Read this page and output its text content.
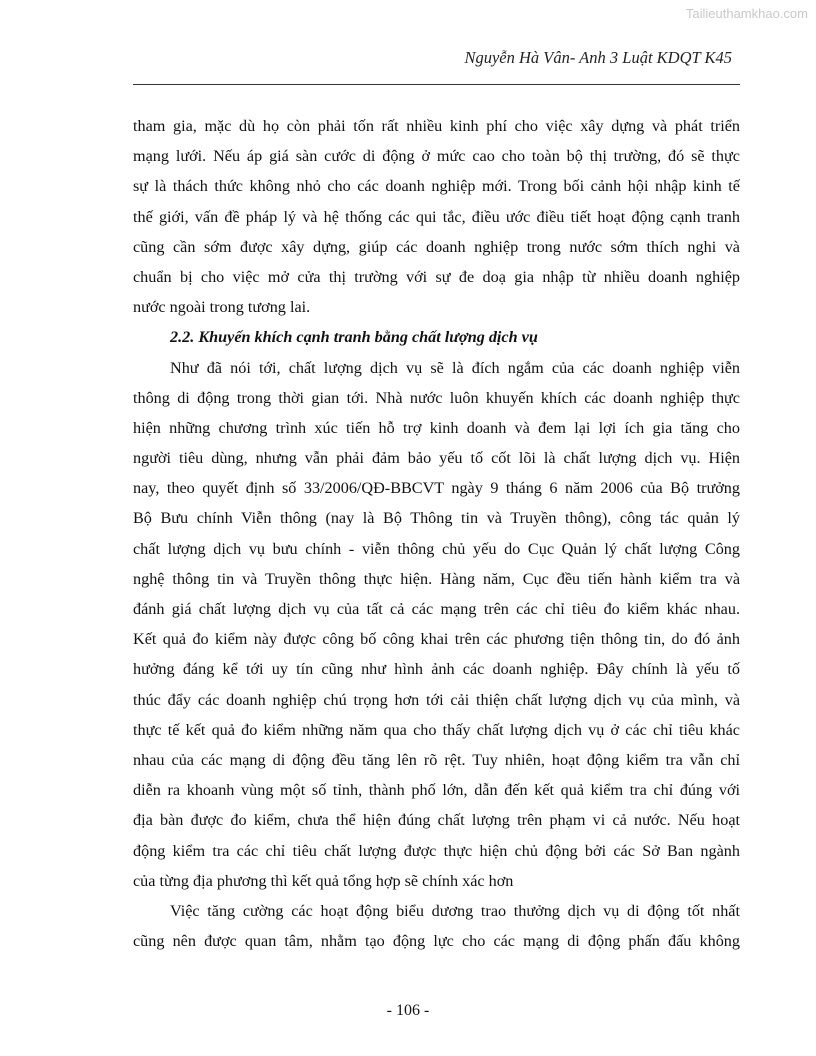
Tailieuthamkhao.com
Nguyễn Hà Vân- Anh 3 Luật KDQT K45
tham gia, mặc dù họ còn phải tốn rất nhiều kinh phí cho việc xây dựng và phát triển
mạng lưới. Nếu áp giá sàn cước di động ở mức cao cho toàn bộ thị trường, đó sẽ thực
sự là thách thức không nhỏ cho các doanh nghiệp mới. Trong bối cảnh hội nhập kinh tế
thế giới, vấn đề pháp lý và hệ thống các qui tắc, điều ước điều tiết hoạt động cạnh tranh
cũng cần sớm được xây dựng, giúp các doanh nghiệp trong nước sớm thích nghi và
chuẩn bị cho việc mở cửa thị trường với sự đe doạ gia nhập từ nhiều doanh nghiệp
nước ngoài trong tương lai.
2.2. Khuyến khích cạnh tranh bằng chất lượng dịch vụ
Như đã nói tới, chất lượng dịch vụ sẽ là đích ngắm của các doanh nghiệp viễn
thông di động trong thời gian tới. Nhà nước luôn khuyến khích các doanh nghiệp thực
hiện những chương trình xúc tiến hỗ trợ kinh doanh và đem lại lợi ích gia tăng cho
người tiêu dùng, nhưng vẫn phải đảm bảo yếu tố cốt lõi là chất lượng dịch vụ. Hiện
nay, theo quyết định số 33/2006/QĐ-BBCVT ngày 9 tháng 6 năm 2006 của Bộ trưởng
Bộ Bưu chính Viễn thông (nay là Bộ Thông tin và Truyền thông), công tác quản lý
chất lượng dịch vụ bưu chính - viễn thông chủ yếu do Cục Quản lý chất lượng Công
nghệ thông tin và Truyền thông thực hiện. Hàng năm, Cục đều tiến hành kiểm tra và
đánh giá chất lượng dịch vụ của tất cả các mạng trên các chỉ tiêu đo kiểm khác nhau.
Kết quả đo kiểm này được công bố công khai trên các phương tiện thông tin, do đó ảnh
hưởng đáng kể tới uy tín cũng như hình ảnh các doanh nghiệp. Đây chính là yếu tố
thúc đẩy các doanh nghiệp chú trọng hơn tới cải thiện chất lượng dịch vụ của mình, và
thực tế kết quả đo kiểm những năm qua cho thấy chất lượng dịch vụ ở các chỉ tiêu khác
nhau của các mạng di động đều tăng lên rõ rệt. Tuy nhiên, hoạt động kiểm tra vẫn chỉ
diễn ra khoanh vùng một số tỉnh, thành phố lớn, dẫn đến kết quả kiểm tra chỉ đúng với
địa bàn được đo kiểm, chưa thể hiện đúng chất lượng trên phạm vi cả nước. Nếu hoạt
động kiểm tra các chỉ tiêu chất lượng được thực hiện chủ động bởi các Sở Ban ngành
của từng địa phương thì kết quả tổng hợp sẽ chính xác hơn
Việc tăng cường các hoạt động biểu dương trao thưởng dịch vụ di động tốt nhất
cũng nên được quan tâm, nhằm tạo động lực cho các mạng di động phấn đấu không
- 106 -
